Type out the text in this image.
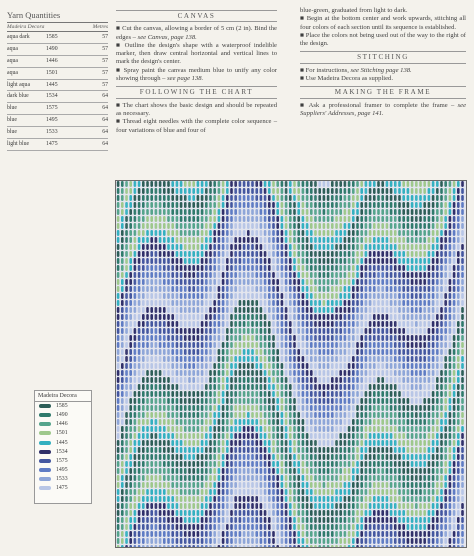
Yarn Quantities
Madeira Decora	Metres
aqua dark	1585	57
aqua	1490	57
aqua	1446	57
aqua	1501	57
light aqua	1445	57
dark blue	1534	64
blue	1575	64
blue	1495	64
blue	1533	64
light blue	1475	64
CANVAS

■ Cut the canvas, allowing a border of 5 cm (2 in). Bind the edges – see Canvas, page 138.

■ Outline the design's shape with a waterproof indelible marker, then draw central horizontal and vertical lines to mark the design's center.

■ Spray paint the canvas medium blue to unify any color showing through – see page 138.

FOLLOWING THE CHART

■ The chart shows the basic design and should be repeated as necessary.

■ Thread eight needles with the complete color sequence – four variations of blue and four of

blue-green, graduated from light to dark.

■ Begin at the bottom center and work upwards, stitching all four colors of each section until its sequence is established.

■ Place the colors not being used out of the way to the right of the design.

STITCHING

■ For instructions, see Stitching page 138.

■ Use Madeira Decora as supplied.

MAKING THE FRAME

■ Ask a professional framer to complete the frame – see Suppliers' Addresses, page 141.

Madeira Decora
1585
1490
1446
1501
1445
1534
1575
1495
1533
1475
